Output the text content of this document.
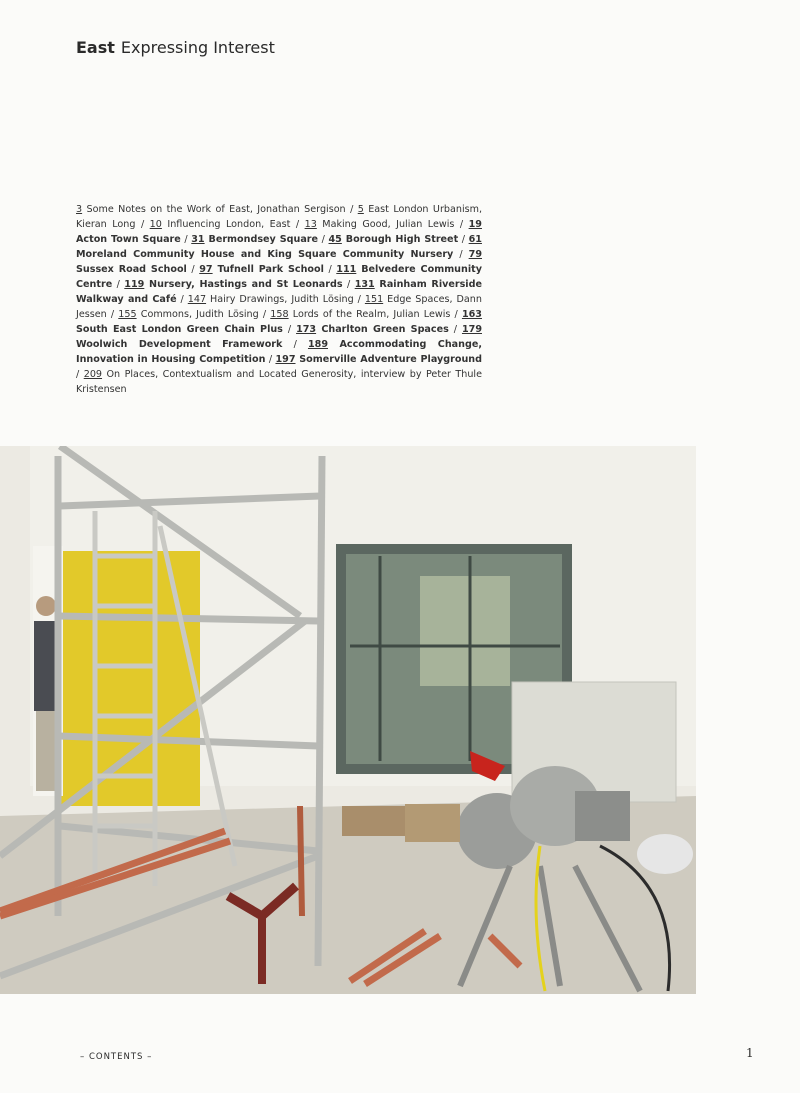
East Expressing Interest
3 Some Notes on the Work of East, Jonathan Sergison / 5 East London Urbanism, Kieran Long / 10 Influencing London, East / 13 Making Good, Julian Lewis / 19 Acton Town Square / 31 Bermondsey Square / 45 Borough High Street / 61 Moreland Community House and King Square Community Nursery / 79 Sussex Road School / 97 Tufnell Park School / 111 Belvedere Community Centre / 119 Nursery, Hastings and St Leonards / 131 Rainham Riverside Walkway and Café / 147 Hairy Drawings, Judith Lösing / 151 Edge Spaces, Dann Jessen / 155 Commons, Judith Lösing / 158 Lords of the Realm, Julian Lewis / 163 South East London Green Chain Plus / 173 Charlton Green Spaces / 179 Woolwich Development Framework / 189 Accommodating Change, Innovation in Housing Competition / 197 Somerville Adventure Playground / 209 On Places, Contextualism and Located Generosity, interview by Peter Thule Kristensen
– CONTENTS –	1
